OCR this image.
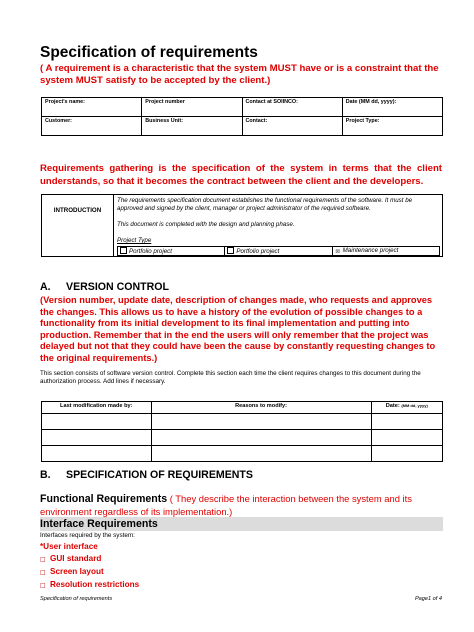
Specification of requirements
( A requirement is a characteristic that the system MUST have or is a constraint that the system MUST satisfy to be accepted by the client.)
Project's name:	Project number	Contact at SOIINCO:	Date (MM dd, yyyy):
Customer:	Business Unit:	Contact:	Project Type:
Requirements gathering is the specification of the system in terms that the client understands, so that it becomes the contract between the client and the developers.
INTRODUCTION	
The requirements specification document establishes the functional requirements of the software. It must be approved and signed by the client, manager or project administrator of the required software.
This document is completed with the design and planning phase.
Project Type
Portfolio project	Portfolio project	☒ Maintenance project
A. VERSION CONTROL
(Version number, update date, description of changes made, who requests and approves the changes. This allows us to have a history of the evolution of possible changes to a functionality from its initial development to its final implementation and putting into production. Remember that in the end the users will only remember that the project was delayed but not that they could have been the cause by constantly requesting changes to the original requirements.)
This section consists of software version control. Complete this section each time the client requires changes to this document during the authorization process. Add lines if necessary.
Last modification made by:	Reasons to modify:	Date: (MM dd, yyyy)

B. SPECIFICATION OF REQUIREMENTS
Functional Requirements ( They describe the interaction between the system and its environment regardless of its implementation.)
Interface Requirements
Interfaces required by the system:
*User interface
□ GUI standard
□ Screen layout
□ Resolution restrictions
Specification of requirements	Page1 of 4
